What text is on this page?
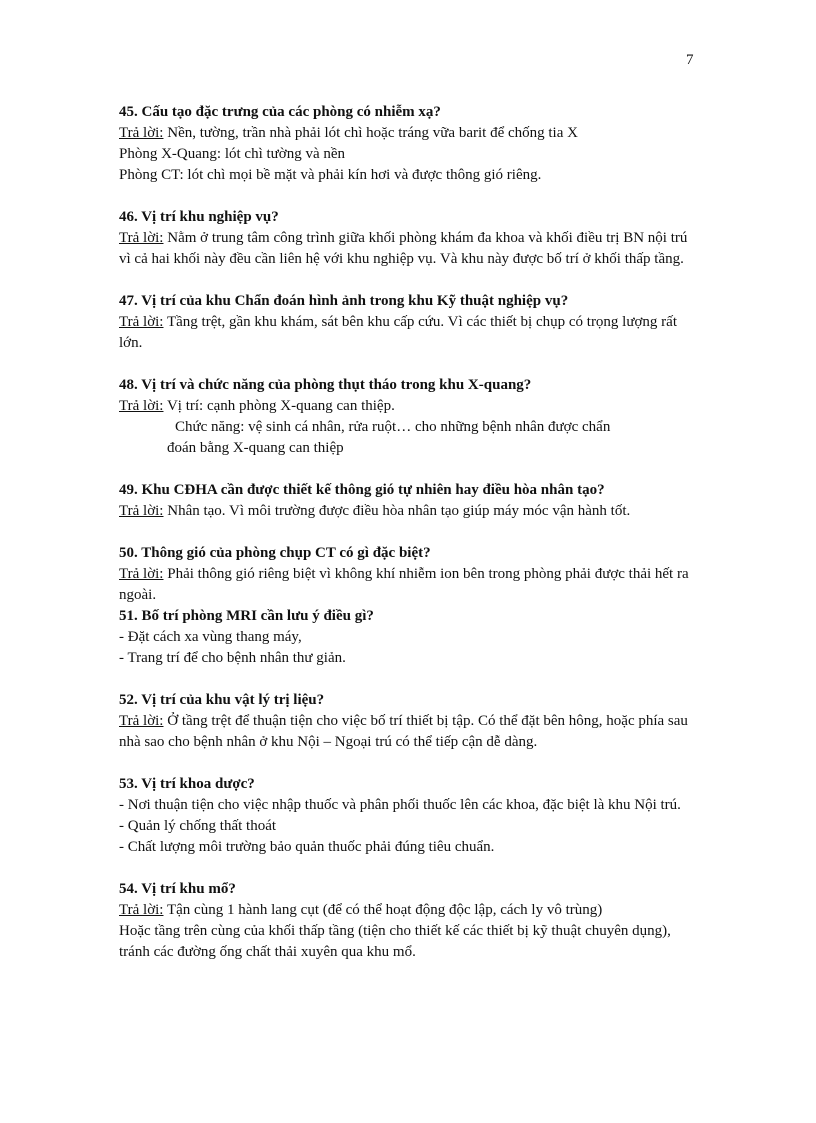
7
45. Cấu tạo đặc trưng của các phòng có nhiễm xạ?
Trả lời: Nền, tường, trần nhà phải lót chì hoặc tráng vữa barit để chống tia X
Phòng X-Quang: lót chì tường và nền
Phòng CT: lót chì mọi bề mặt và phải kín hơi và được thông gió riêng.
46. Vị trí khu nghiệp vụ?
Trả lời: Nằm ở trung tâm công trình giữa khối phòng khám đa khoa và khối điều trị BN nội trú vì cả hai khối này đều cần liên hệ với khu nghiệp vụ. Và khu này được bố trí ở khối thấp tầng.
47. Vị trí của khu Chẩn đoán hình ảnh trong khu Kỹ thuật nghiệp vụ?
Trả lời: Tầng trệt, gần khu khám, sát bên khu cấp cứu. Vì các thiết bị chụp có trọng lượng rất lớn.
48. Vị trí và chức năng của phòng thụt tháo trong khu X-quang?
Trả lời: Vị trí: cạnh phòng X-quang can thiệp.
Chức năng: vệ sinh cá nhân, rửa ruột… cho những bệnh nhân được chẩn
đoán bằng X-quang can thiệp
49. Khu CĐHA cần được thiết kế thông gió tự nhiên hay điều hòa nhân tạo?
Trả lời: Nhân tạo. Vì môi trường được điều hòa nhân tạo giúp máy móc vận hành tốt.
50. Thông gió của phòng chụp CT có gì đặc biệt?
Trả lời: Phải thông gió riêng biệt vì không khí nhiễm ion bên trong phòng phải được thải hết ra ngoài.
51. Bố trí phòng MRI cần lưu ý điều gì?
- Đặt cách xa vùng thang máy,
- Trang trí để cho bệnh nhân thư giản.
52. Vị trí của khu vật lý trị liệu?
Trả lời: Ở tầng trệt để thuận tiện cho việc bố trí thiết bị tập. Có thể đặt bên hông, hoặc phía sau nhà sao cho bệnh nhân ở khu Nội – Ngoại trú có thể tiếp cận dễ dàng.
53. Vị trí khoa dược?
- Nơi thuận tiện cho việc nhập thuốc và phân phối thuốc lên các khoa, đặc biệt là khu Nội trú.
- Quản lý chống thất thoát
- Chất lượng môi trường bảo quản thuốc phải đúng tiêu chuẩn.
54. Vị trí khu mổ?
Trả lời: Tận cùng 1 hành lang cụt (để có thể hoạt động độc lập, cách ly vô trùng)
Hoặc tầng trên cùng của khối thấp tầng (tiện cho thiết kế các thiết bị kỹ thuật chuyên dụng), tránh các đường ống chất thải xuyên qua khu mổ.
